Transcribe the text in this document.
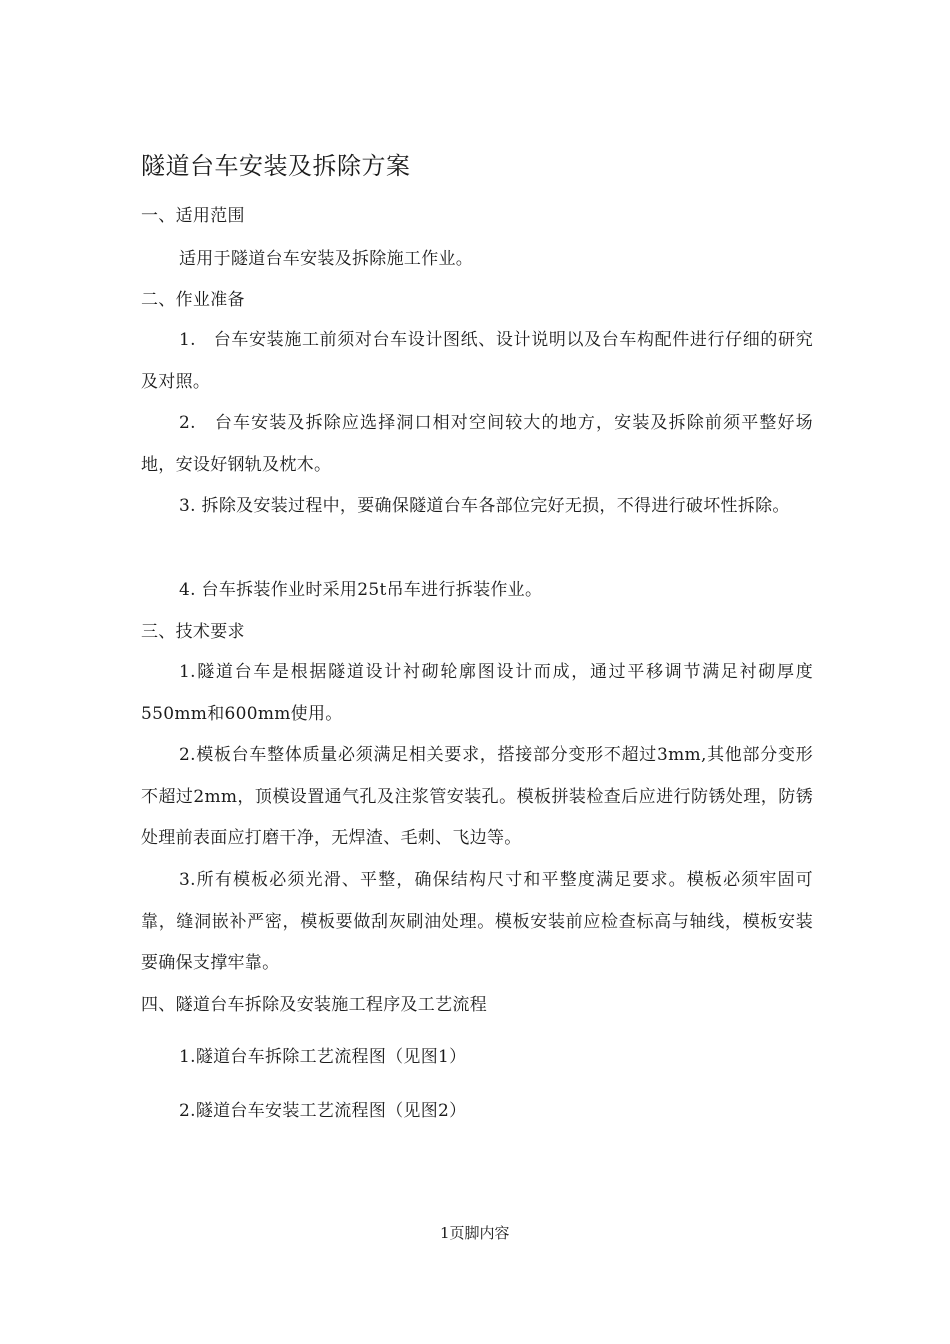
隧道台车安装及拆除方案
一、适用范围
适用于隧道台车安装及拆除施工作业。
二、作业准备
1.　台车安装施工前须对台车设计图纸、设计说明以及台车构配件进行仔细的研究及对照。
2.　台车安装及拆除应选择洞口相对空间较大的地方，安装及拆除前须平整好场地，安设好钢轨及枕木。
3. 拆除及安装过程中，要确保隧道台车各部位完好无损，不得进行破坏性拆除。
4. 台车拆装作业时采用25t吊车进行拆装作业。
三、技术要求
1.隧道台车是根据隧道设计衬砌轮廓图设计而成，通过平移调节满足衬砌厚度550mm和600mm使用。
2.模板台车整体质量必须满足相关要求，搭接部分变形不超过3mm,其他部分变形不超过2mm，顶模设置通气孔及注浆管安装孔。模板拼装检查后应进行防锈处理，防锈处理前表面应打磨干净，无焊渣、毛刺、飞边等。
3.所有模板必须光滑、平整，确保结构尺寸和平整度满足要求。模板必须牢固可靠，缝洞嵌补严密，模板要做刮灰刷油处理。模板安装前应检查标高与轴线，模板安装要确保支撑牢靠。
四、隧道台车拆除及安装施工程序及工艺流程
1.隧道台车拆除工艺流程图（见图1）
2.隧道台车安装工艺流程图（见图2）
1页脚内容
